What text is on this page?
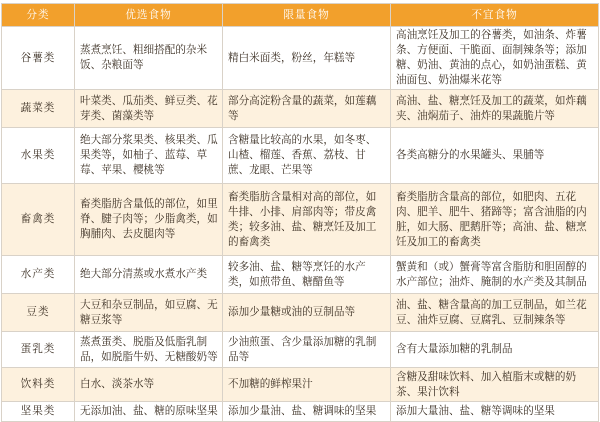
分类	优选食物	限量食物	不宜食物
谷薯类	蒸煮烹饪、粗细搭配的杂米饭、杂粮面等	精白米面类，粉丝，年糕等	高油烹饪及加工的谷薯类，如油条、炸薯条、方便面、干脆面、面制辣条等；添加糖、奶油、黄油的点心，如奶油蛋糕、黄油面包、奶油爆米花等
蔬菜类	叶菜类、瓜茄类、鲜豆类、花芽类、菌藻类等	部分高淀粉含量的蔬菜，如莲藕等	高油、盐、糖烹饪及加工的蔬菜，如炸藕夹、油焖茄子、油炸的果蔬脆片等
水果类	绝大部分浆果类、核果类、瓜果类等，如柚子、蓝莓、草莓、苹果、樱桃等	含糖量比较高的水果，如冬枣、山楂、榴莲、香蕉、荔枝、甘蔗、龙眼、芒果等	各类高糖分的水果罐头、果脯等
畜禽类	畜类脂肪含量低的部位，如里脊、腱子肉等；少脂禽类，如胸脯肉、去皮腿肉等	畜类脂肪含量相对高的部位，如牛排、小排、肩部肉等；带皮禽类；较多油、盐、糖烹饪及加工的畜禽类	畜类脂肪含量高的部位，如肥肉、五花肉、肥羊、肥牛、猪蹄等；富含油脂的内脏，如大肠、肥鹅肝等；高油、盐、糖烹饪及加工的畜禽类
水产类	绝大部分清蒸或水煮水产类	较多油、盐、糖等烹饪的水产类，如煎带鱼、糖醋鱼等	蟹黄和（或）蟹膏等富含脂肪和胆固醇的水产部位；油炸、腌制的水产类及其制品
豆类	大豆和杂豆制品，如豆腐、无糖豆浆等	添加少量糖或油的豆制品等	油、盐、糖含量高的加工豆制品，如兰花豆、油炸豆腐、豆腐乳、豆制辣条等
蛋乳类	蒸煮蛋类、脱脂及低脂乳制品，如脱脂牛奶、无糖酸奶等	少油煎蛋、含少量添加糖的乳制品等	含有大量添加糖的乳制品
饮料类	白水、淡茶水等	不加糖的鲜榨果汁	含糖及甜味饮料、加入植脂末或糖的奶茶、果汁饮料
坚果类	无添加油、盐、糖的原味坚果	添加少量油、盐、糖调味的坚果	添加大量油、盐、糖等调味的坚果
